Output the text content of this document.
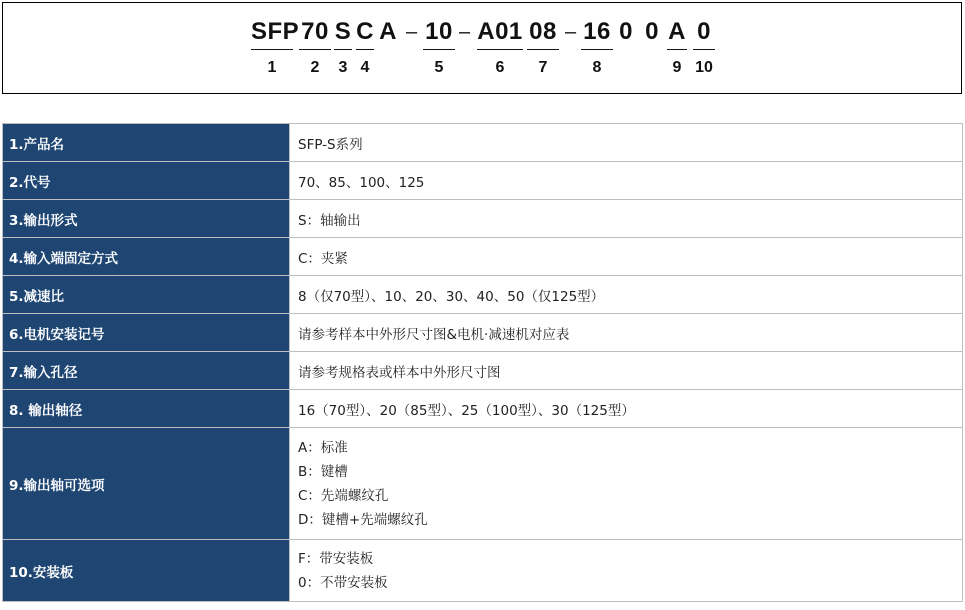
SFP
1
70
2
S
3
C
4
A – 10
5
– A01
6
08
7
– 16
8
0 0 A
9
0
10
1.产品名	SFP-S系列
2.代号	70、85、100、125
3.输出形式	S：轴输出
4.输入端固定方式	C：夹紧
5.减速比	8（仅70型）、10、20、30、40、50（仅125型）
6.电机安装记号	请参考样本中外形尺寸图&电机·减速机对应表
7.输入孔径	请参考规格表或样本中外形尺寸图
8. 输出轴径	16（70型）、20（85型）、25（100型）、30（125型）
9.输出轴可选项	A：标准
B：键槽
C：先端螺纹孔
D：键槽+先端螺纹孔

10.安装板	F：带安装板
0：不带安装板
